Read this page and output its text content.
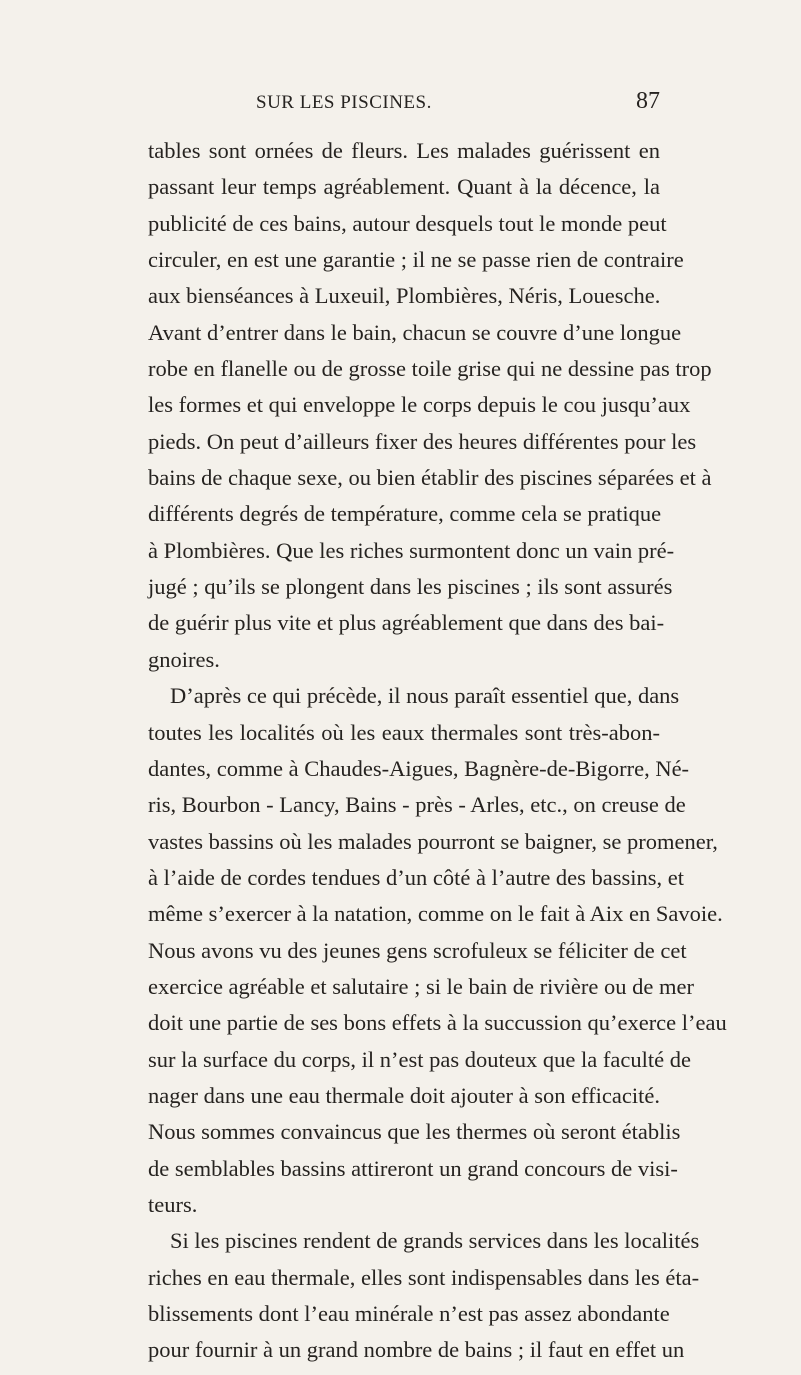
SUR LES PISCINES.	87
tables sont ornées de fleurs. Les malades guérissent en
passant leur temps agréablement. Quant à la décence, la
publicité de ces bains, autour desquels tout le monde peut
circuler, en est une garantie ; il ne se passe rien de contraire
aux bienséances à Luxeuil, Plombières, Néris, Louesche.
Avant d’entrer dans le bain, chacun se couvre d’une longue
robe en flanelle ou de grosse toile grise qui ne dessine pas trop
les formes et qui enveloppe le corps depuis le cou jusqu’aux
pieds. On peut d’ailleurs fixer des heures différentes pour les
bains de chaque sexe, ou bien établir des piscines séparées et à
différents degrés de température, comme cela se pratique
à Plombières. Que les riches surmontent donc un vain pré-
jugé ; qu’ils se plongent dans les piscines ; ils sont assurés
de guérir plus vite et plus agréablement que dans des bai-
gnoires.
D’après ce qui précède, il nous paraît essentiel que, dans
toutes les localités où les eaux thermales sont très-abon-
dantes, comme à Chaudes-Aigues, Bagnère-de-Bigorre, Né-
ris, Bourbon - Lancy, Bains - près - Arles, etc., on creuse de
vastes bassins où les malades pourront se baigner, se promener,
à l’aide de cordes tendues d’un côté à l’autre des bassins, et
même s’exercer à la natation, comme on le fait à Aix en Savoie.
Nous avons vu des jeunes gens scrofuleux se féliciter de cet
exercice agréable et salutaire ; si le bain de rivière ou de mer
doit une partie de ses bons effets à la succussion qu’exerce l’eau
sur la surface du corps, il n’est pas douteux que la faculté de
nager dans une eau thermale doit ajouter à son efficacité.
Nous sommes convaincus que les thermes où seront établis
de semblables bassins attireront un grand concours de visi-
teurs.
Si les piscines rendent de grands services dans les localités
riches en eau thermale, elles sont indispensables dans les éta-
blissements dont l’eau minérale n’est pas assez abondante
pour fournir à un grand nombre de bains ; il faut en effet un
